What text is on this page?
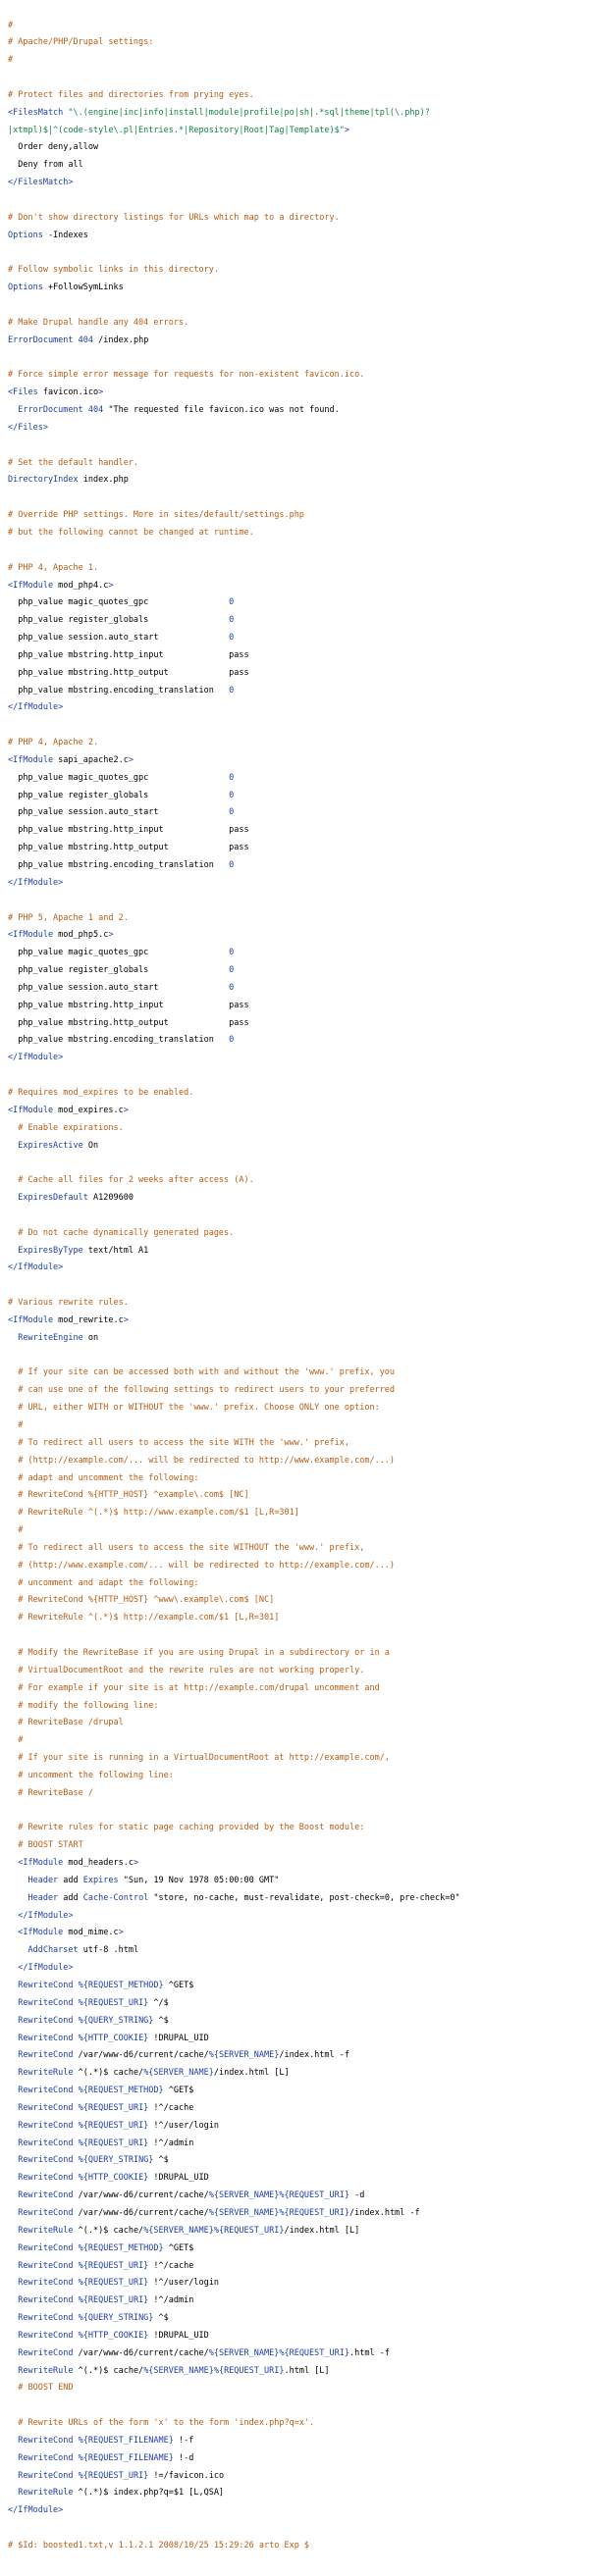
#
# Apache/PHP/Drupal settings:
#
# Protect files and directories from prying eyes.
<FilesMatch "\.(engine|inc|info|install|module|profile|po|sh|.*sql|theme|tpl(\.php)?
|xtmpl)$|^(code-style\.pl|Entries.*|Repository|Root|Tag|Template)$">
Order deny,allow
Deny from all
</FilesMatch>
# Don't show directory listings for URLs which map to a directory.
Options -Indexes
# Follow symbolic links in this directory.
Options +FollowSymLinks
# Make Drupal handle any 404 errors.
ErrorDocument 404 /index.php
# Force simple error message for requests for non-existent favicon.ico.
<Files favicon.ico>
ErrorDocument 404 "The requested file favicon.ico was not found.
</Files>
# Set the default handler.
DirectoryIndex index.php
# Override PHP settings. More in sites/default/settings.php
# but the following cannot be changed at runtime.
# PHP 4, Apache 1.
<IfModule mod_php4.c>
php_value magic_quotes_gpc                0
php_value register_globals                0
php_value session.auto_start              0
php_value mbstring.http_input             pass
php_value mbstring.http_output            pass
php_value mbstring.encoding_translation   0
</IfModule>
# PHP 4, Apache 2.
<IfModule sapi_apache2.c>
php_value magic_quotes_gpc                0
php_value register_globals                0
php_value session.auto_start              0
php_value mbstring.http_input             pass
php_value mbstring.http_output            pass
php_value mbstring.encoding_translation   0
</IfModule>
# PHP 5, Apache 1 and 2.
<IfModule mod_php5.c>
php_value magic_quotes_gpc                0
php_value register_globals                0
php_value session.auto_start              0
php_value mbstring.http_input             pass
php_value mbstring.http_output            pass
php_value mbstring.encoding_translation   0
</IfModule>
# Requires mod_expires to be enabled.
<IfModule mod_expires.c>
# Enable expirations.
ExpiresActive On
# Cache all files for 2 weeks after access (A).
ExpiresDefault A1209600
# Do not cache dynamically generated pages.
ExpiresByType text/html A1
</IfModule>
# Various rewrite rules.
<IfModule mod_rewrite.c>
RewriteEngine on
# If your site can be accessed both with and without the 'www.' prefix, you
# can use one of the following settings to redirect users to your preferred
# URL, either WITH or WITHOUT the 'www.' prefix. Choose ONLY one option:
#
# To redirect all users to access the site WITH the 'www.' prefix,
# (http://example.com/... will be redirected to http://www.example.com/...)
# adapt and uncomment the following:
# RewriteCond %{HTTP_HOST} ^example\.com$ [NC]
# RewriteRule ^(.*)$ http://www.example.com/$1 [L,R=301]
#
# To redirect all users to access the site WITHOUT the 'www.' prefix,
# (http://www.example.com/... will be redirected to http://example.com/...)
# uncomment and adapt the following:
# RewriteCond %{HTTP_HOST} ^www\.example\.com$ [NC]
# RewriteRule ^(.*)$ http://example.com/$1 [L,R=301]
# Modify the RewriteBase if you are using Drupal in a subdirectory or in a
# VirtualDocumentRoot and the rewrite rules are not working properly.
# For example if your site is at http://example.com/drupal uncomment and
# modify the following line:
# RewriteBase /drupal
#
# If your site is running in a VirtualDocumentRoot at http://example.com/,
# uncomment the following line:
# RewriteBase /
# Rewrite rules for static page caching provided by the Boost module:
# BOOST START
<IfModule mod_headers.c>
Header add Expires "Sun, 19 Nov 1978 05:00:00 GMT"
Header add Cache-Control "store, no-cache, must-revalidate, post-check=0, pre-check=0"
</IfModule>
<IfModule mod_mime.c>
AddCharset utf-8 .html
</IfModule>
RewriteCond %{REQUEST_METHOD} ^GET$
RewriteCond %{REQUEST_URI} ^/$
RewriteCond %{QUERY_STRING} ^$
RewriteCond %{HTTP_COOKIE} !DRUPAL_UID
RewriteCond /var/www-d6/current/cache/%{SERVER_NAME}/index.html -f
RewriteRule ^(.*)$ cache/%{SERVER_NAME}/index.html [L]
RewriteCond %{REQUEST_METHOD} ^GET$
RewriteCond %{REQUEST_URI} !^/cache
RewriteCond %{REQUEST_URI} !^/user/login
RewriteCond %{REQUEST_URI} !^/admin
RewriteCond %{QUERY_STRING} ^$
RewriteCond %{HTTP_COOKIE} !DRUPAL_UID
RewriteCond /var/www-d6/current/cache/%{SERVER_NAME}%{REQUEST_URI} -d
RewriteCond /var/www-d6/current/cache/%{SERVER_NAME}%{REQUEST_URI}/index.html -f
RewriteRule ^(.*)$ cache/%{SERVER_NAME}%{REQUEST_URI}/index.html [L]
RewriteCond %{REQUEST_METHOD} ^GET$
RewriteCond %{REQUEST_URI} !^/cache
RewriteCond %{REQUEST_URI} !^/user/login
RewriteCond %{REQUEST_URI} !^/admin
RewriteCond %{QUERY_STRING} ^$
RewriteCond %{HTTP_COOKIE} !DRUPAL_UID
RewriteCond /var/www-d6/current/cache/%{SERVER_NAME}%{REQUEST_URI}.html -f
RewriteRule ^(.*)$ cache/%{SERVER_NAME}%{REQUEST_URI}.html [L]
# BOOST END
# Rewrite URLs of the form 'x' to the form 'index.php?q=x'.
RewriteCond %{REQUEST_FILENAME} !-f
RewriteCond %{REQUEST_FILENAME} !-d
RewriteCond %{REQUEST_URI} !=/favicon.ico
RewriteRule ^(.*)$ index.php?q=$1 [L,QSA]
</IfModule>
# $Id: boosted1.txt,v 1.1.2.1 2008/10/25 15:29:26 arto Exp $
